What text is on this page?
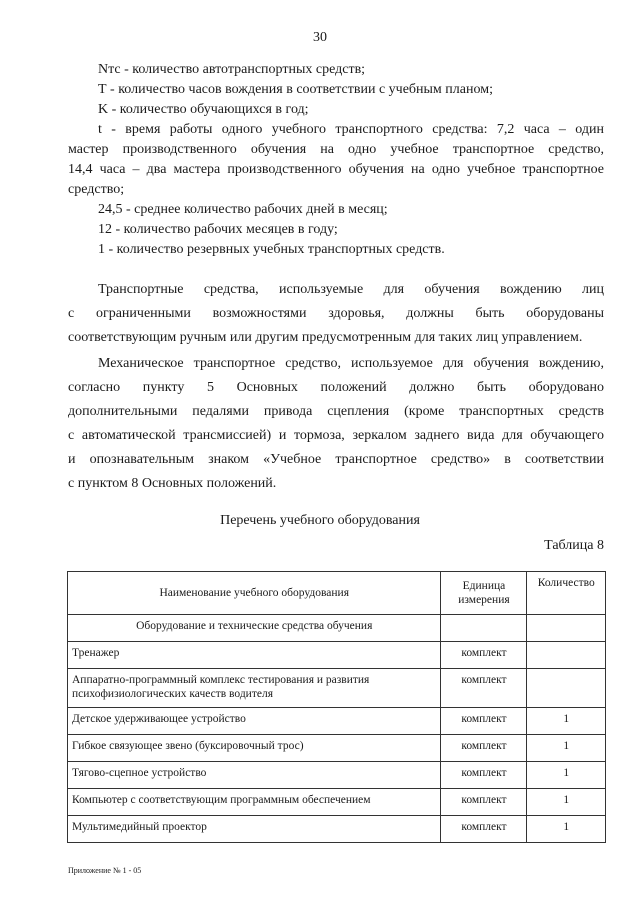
30
Nтс - количество автотранспортных средств;
Т - количество часов вождения в соответствии с учебным планом;
K - количество обучающихся в год;
t - время работы одного учебного транспортного средства: 7,2 часа – один
мастер производственного обучения на одно учебное транспортное средство,
14,4 часа – два мастера производственного обучения на одно учебное транспортное
средство;
24,5 - среднее количество рабочих дней в месяц;
12 - количество рабочих месяцев в году;
1 - количество резервных учебных транспортных средств.
Транспортные средства, используемые для обучения вождению лиц
с ограниченными возможностями здоровья, должны быть оборудованы
соответствующим ручным или другим предусмотренным для таких лиц управлением.
Механическое транспортное средство, используемое для обучения вождению,
согласно пункту 5 Основных положений должно быть оборудовано
дополнительными педалями привода сцепления (кроме транспортных средств
с автоматической трансмиссией) и тормоза, зеркалом заднего вида для обучающего
и опознавательным знаком «Учебное транспортное средство» в соответствии
с пунктом 8 Основных положений.
Перечень учебного оборудования
Таблица 8
Наименование учебного оборудования	Единица измерения	Количество
Оборудование и технические средства обучения		
Тренажер	комплект	
Аппаратно-программный комплекс тестирования и развития психофизиологических качеств водителя	комплект	
Детское удерживающее устройство	комплект	1
Гибкое связующее звено (буксировочный трос)	комплект	1
Тягово-сцепное устройство	комплект	1
Компьютер с соответствующим программным обеспечением	комплект	1
Мультимедийный проектор	комплект	1
Приложение № 1 - 05
